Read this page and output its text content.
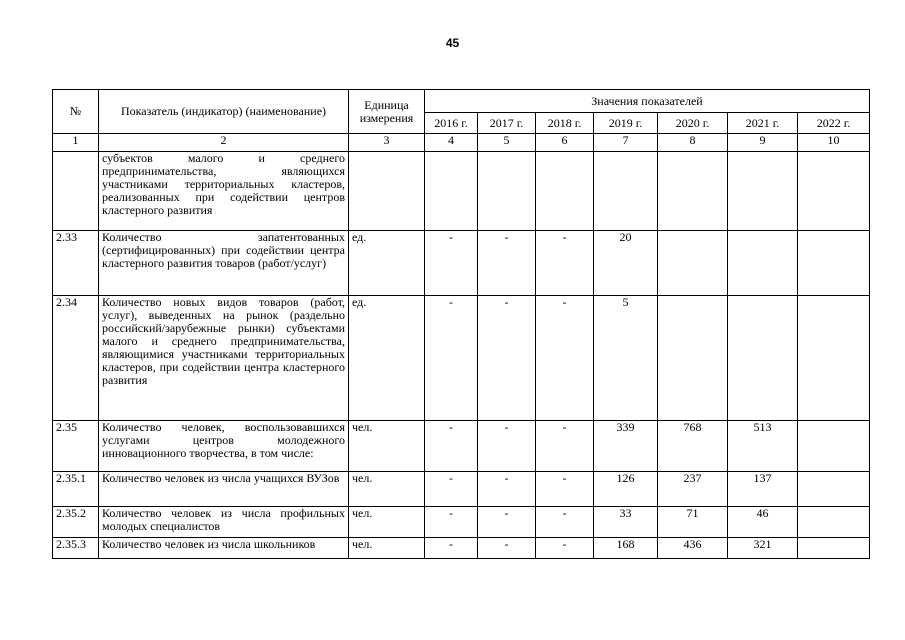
45
№	Показатель (индикатор) (наименование)	Единица измерения	Значения показателей						
			2016 г.	2017 г.	2018 г.	2019 г.	2020 г.	2021 г.	2022 г.
1	2	3	4	5	6	7	8	9	10
	субъектов малого и среднего предпринимательства, являющихся участниками территориальных кластеров, реализованных при содействии центров кластерного развития								
2.33	Количество запатентованных (сертифицированных) при содействии центра кластерного развития товаров (работ/услуг)	ед.	-	-	-	20			
2.34	Количество новых видов товаров (работ, услуг), выведенных на рынок (раздельно российский/зарубежные рынки) субъектами малого и среднего предпринимательства, являющимися участниками территориальных кластеров, при содействии центра кластерного развития	ед.	-	-	-	5			
2.35	Количество человек, воспользовавшихся услугами центров молодежного инновационного творчества, в том числе:	чел.	-	-	-	339	768	513	
2.35.1	Количество человек из числа учащихся ВУЗов	чел.	-	-	-	126	237	137	
2.35.2	Количество человек из числа профильных молодых специалистов	чел.	-	-	-	33	71	46	
2.35.3	Количество человек из числа школьников	чел.	-	-	-	168	436	321	
